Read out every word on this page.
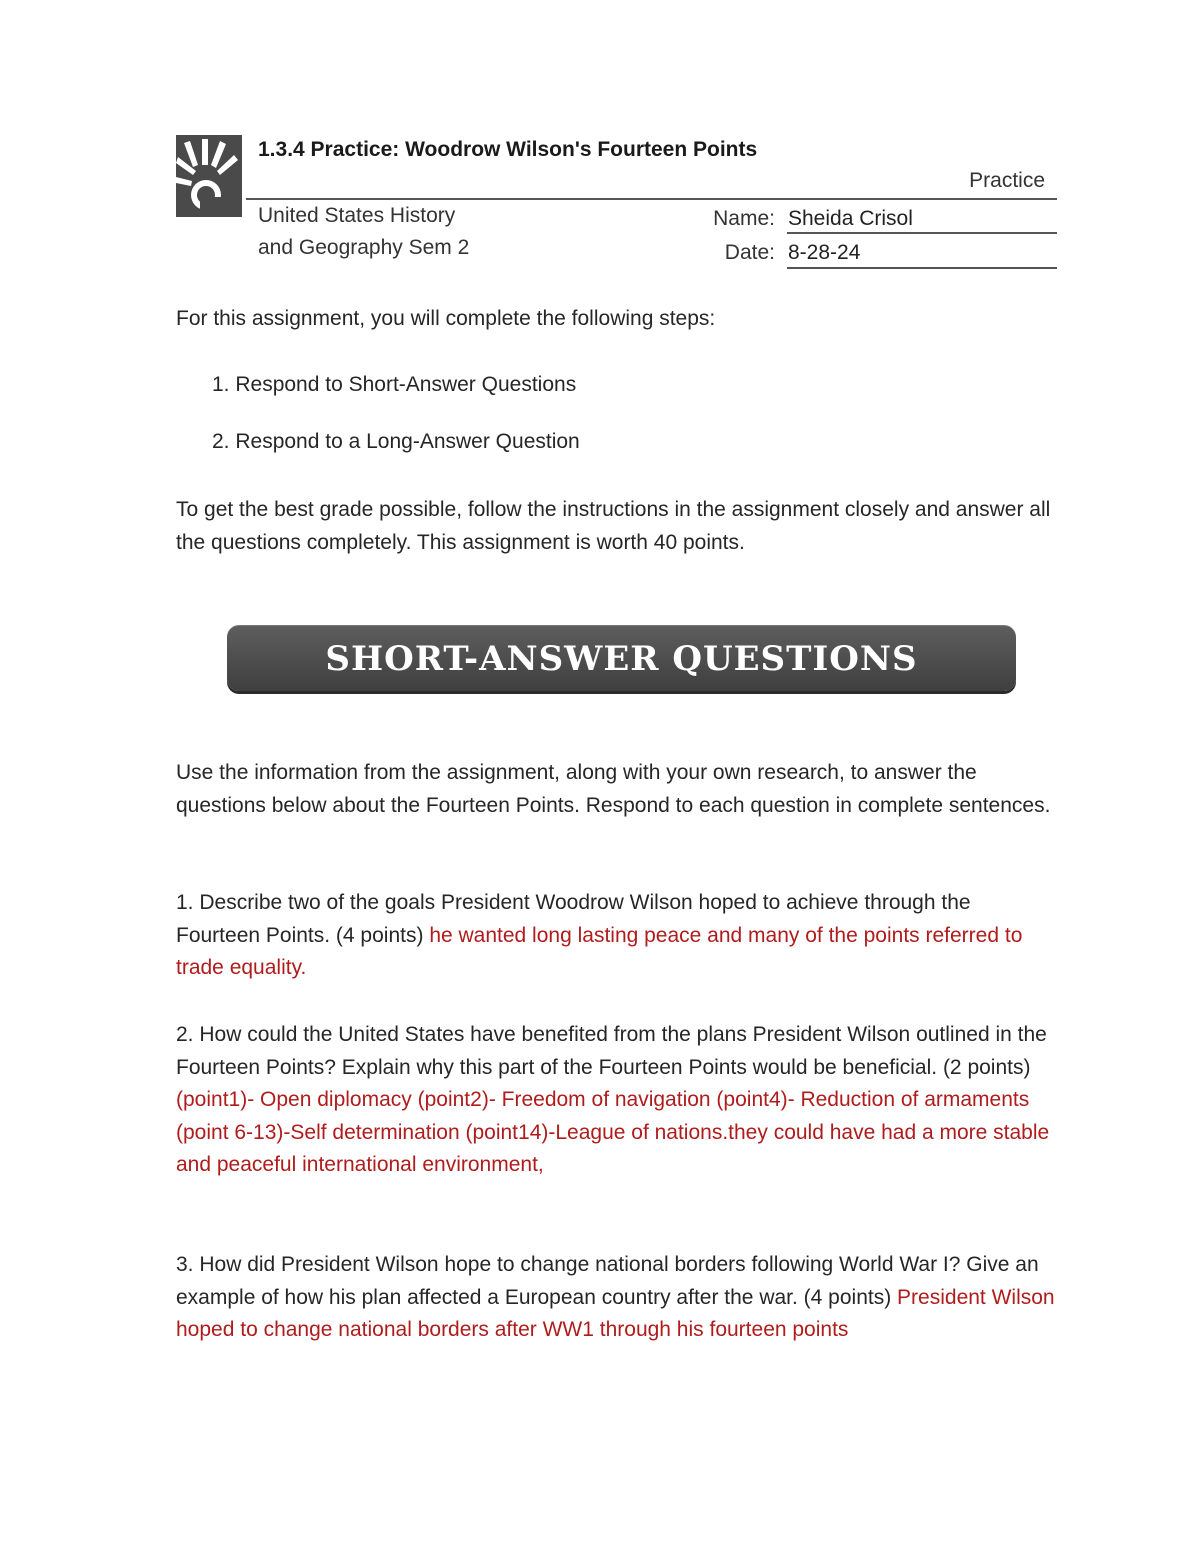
1.3.4 Practice: Woodrow Wilson's Fourteen Points
Practice
United States History
and Geography Sem 2
Name: Sheida Crisol
Date: 8-28-24
For this assignment, you will complete the following steps:
1. Respond to Short-Answer Questions
2. Respond to a Long-Answer Question
To get the best grade possible, follow the instructions in the assignment closely and answer all the questions completely. This assignment is worth 40 points.
SHORT-ANSWER QUESTIONS
Use the information from the assignment, along with your own research, to answer the questions below about the Fourteen Points. Respond to each question in complete sentences.
1. Describe two of the goals President Woodrow Wilson hoped to achieve through the Fourteen Points. (4 points) he wanted long lasting peace and many of the points referred to trade equality.
2. How could the United States have benefited from the plans President Wilson outlined in the Fourteen Points? Explain why this part of the Fourteen Points would be beneficial. (2 points)  (point1)- Open diplomacy (point2)- Freedom of navigation (point4)- Reduction of armaments (point 6-13)-Self determination (point14)-League of nations.they could have had a more stable and peaceful international environment,
3. How did President Wilson hope to change national borders following World War I? Give an example of how his plan affected a European country after the war. (4 points) President Wilson hoped to change national borders after WW1 through his fourteen points
